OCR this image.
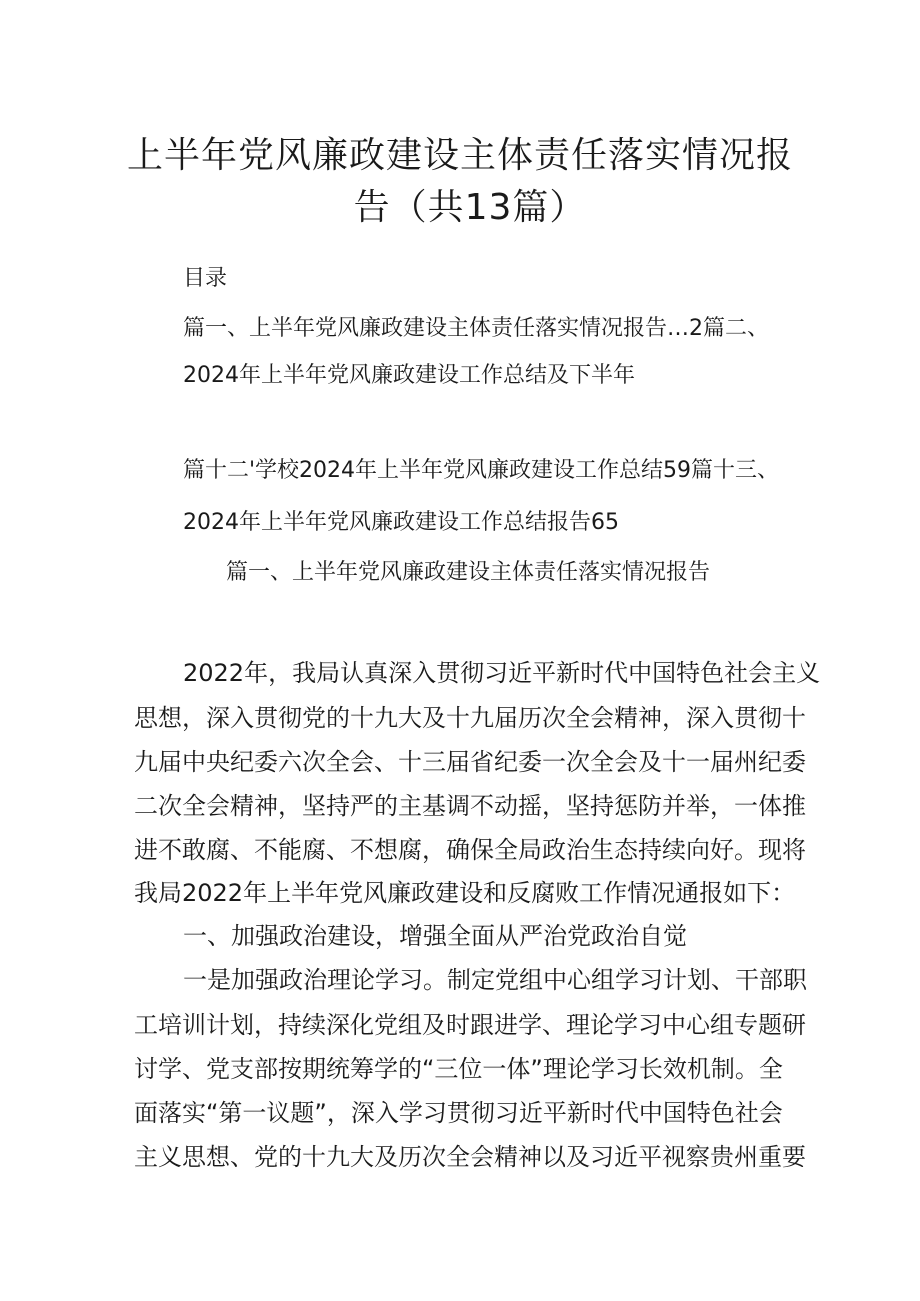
上半年党风廉政建设主体责任落实情况报
告（共13篇）
目录
篇一、上半年党风廉政建设主体责任落实情况报告…2篇二、
2024年上半年党风廉政建设工作总结及下半年
篇十二'学校2024年上半年党风廉政建设工作总结59篇十三、
2024年上半年党风廉政建设工作总结报告65
篇一、上半年党风廉政建设主体责任落实情况报告
2022年，我局认真深入贯彻习近平新时代中国特色社会主义
思想，深入贯彻党的十九大及十九届历次全会精神，深入贯彻十
九届中央纪委六次全会、十三届省纪委一次全会及十一届州纪委
二次全会精神，坚持严的主基调不动摇，坚持惩防并举，一体推
进不敢腐、不能腐、不想腐，确保全局政治生态持续向好。现将
我局2022年上半年党风廉政建设和反腐败工作情况通报如下：
一、加强政治建设，增强全面从严治党政治自觉
一是加强政治理论学习。制定党组中心组学习计划、干部职
工培训计划，持续深化党组及时跟进学、理论学习中心组专题研
讨学、党支部按期统筹学的“三位一体”理论学习长效机制。全
面落实“第一议题”，深入学习贯彻习近平新时代中国特色社会
主义思想、党的十九大及历次全会精神以及习近平视察贵州重要
